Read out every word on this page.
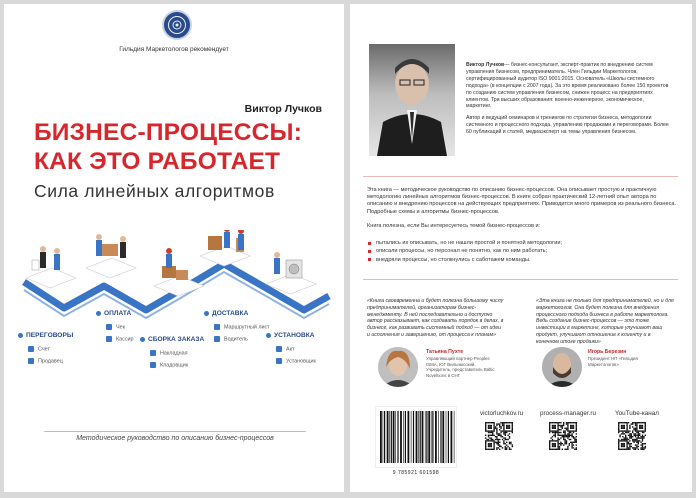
Гильдия Маркетологов рекомендует
Виктор Лучков
БИЗНЕС-ПРОЦЕССЫ:
КАК ЭТО РАБОТАЕТ
Сила линейных алгоритмов
ПЕРЕГОВОРЫ
Счет
Продавец
ОПЛАТА
Чек
Кассир	СБОРКА ЗАКАЗА
Накладная
Кладовщик
ДОСТАВКА
Маршрутный лист
Водитель
УСТАНОВКА
Акт
Установщик
Методическое руководство по описанию бизнес-процессов

Виктор Лучков— бизнес-консультант, эксперт-практик по внедрению систем управления бизнесом, предприниматель. Член Гильдии Маркетологов, сертифицированный аудитор ISO 9001:2015. Основатель «Школы системного подхода» (в концепции с 2007 года). За это время реализовано более 150 проектов по созданию систем управления бизнесом, снижен процесс на предприятиях клиентов. Три высших образования: военно-инженерное, экономическое, маркетинг.

Автор и ведущий семинаров и тренингов по стратегии бизнеса, методологии системного и процессного подхода, управлению продажами и переговорами. Более 60 публикаций и статей, медиаэксперт на темы управления бизнесом.

Эта книга — методическое руководство по описанию бизнес-процессов. Она описывает простую и практичную методологию линейных алгоритмов бизнес-процессов. В книге собран практический 12-летний опыт автора по описанию и внедрению процессов на действующих предприятиях. Приводится много примеров из реального бизнеса. Подробные схемы и алгоритмы бизнес-процессов.

Книга полезна, если Вы интересуетесь темой бизнес-процессов и:

пытались их описывать, но не нашли простой и понятной методологии;
описали процессы, но персонал не понятно, как по ним работать;
внедряли процессы, но столкнулись с саботажем команды.

«Книга своевременна и будет полезна большому числу предпринимателей, организаторам бизнес-менеджменту. В ней последовательно и доступно автор рассказывает, как создавать порядок в делах, в бизнесе, как развивать системный подход — от идеи и исполнения и завершению, от процесса к планам»

«Эта книга не только для предпринимателей, но и для маркетологов. Она будет полезна для внедрения процессного подхода бизнеса в работе маркетолога. Ведь создание бизнес-процессов — это тоже инвестиции в маркетинг, которые улучшают ваш продукт, улучшают отношение к клиенту и в конечном итоге продажи»

Татьяна Пухте
Управляющий партнер Peoples ISMA, ЮГ Вильнюсский. Учредитель, представитель Baltic Noveltions в СНГ
Игорь Березин
Президент НП «Гильдия Маркетологов»
9 785921 601598
victorluchkov.ru	process-manager.ru	YouTube-канал
